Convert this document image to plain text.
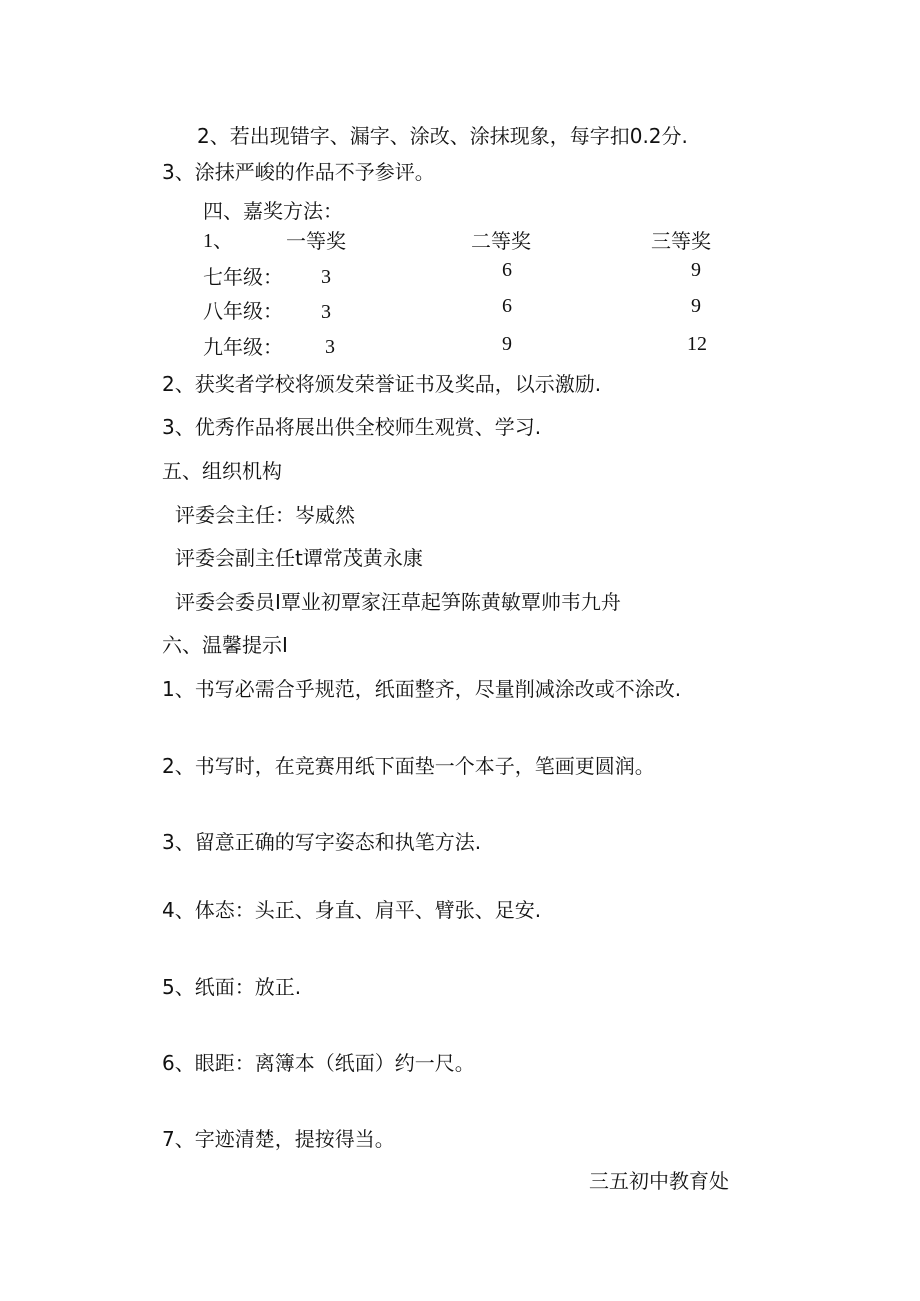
2、若出现错字、漏字、涂改、涂抹现象，每字扣0.2分.
3、涂抹严峻的作品不予参评。
四、嘉奖方法：
1、	一等奖	二等奖	三等奖
七年级： 3	6	9
八年级： 3	6	9
九年级： 3	9	12
2、获奖者学校将颁发荣誉证书及奖品，以示激励.
3、优秀作品将展出供全校师生观赏、学习.
五、组织机构
评委会主任：岑威然
评委会副主任t谭常茂黄永康
评委会委员I覃业初覃家汪草起笋陈黄敏覃帅韦九舟
六、温馨提示I
1、书写必需合乎规范，纸面整齐，尽量削减涂改或不涂改.
2、书写时，在竞赛用纸下面垫一个本子，笔画更圆润。
3、留意正确的写字姿态和执笔方法.
4、体态：头正、身直、肩平、臂张、足安.
5、纸面：放正.
6、眼距：离簿本（纸面）约一尺。
7、字迹清楚，提按得当。
三五初中教育处
